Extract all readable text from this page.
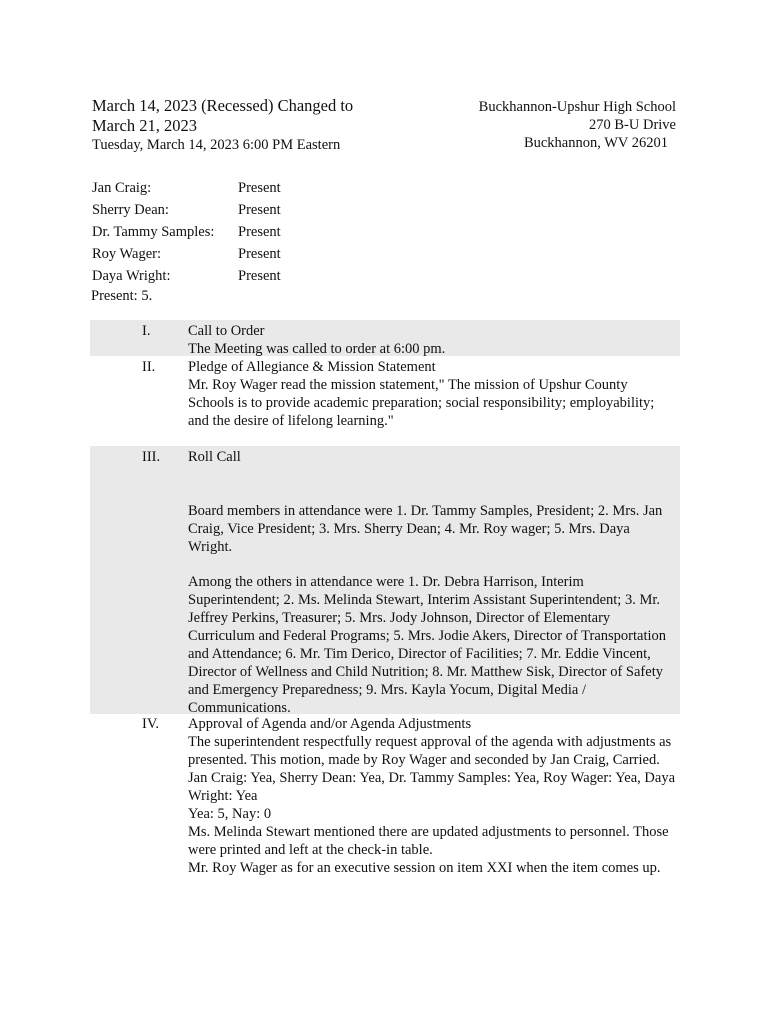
March 14, 2023 (Recessed) Changed to
March 21, 2023
Tuesday, March 14, 2023 6:00 PM Eastern
Buckhannon-Upshur High School
270 B-U Drive
Buckhannon, WV 26201
Jan Craig:	Present
Sherry Dean:	Present
Dr. Tammy Samples:	Present
Roy Wager:	Present
Daya Wright:	Present
Present: 5.
I.	Call to Order
The Meeting was called to order at 6:00 pm.
II. Pledge of Allegiance & Mission Statement
Mr. Roy Wager read the mission statement," The mission of Upshur County Schools is to provide academic preparation; social responsibility; employability; and the desire of lifelong learning."
III. Roll Call

Board members in attendance were 1. Dr. Tammy Samples, President; 2. Mrs. Jan Craig, Vice President; 3. Mrs. Sherry Dean; 4. Mr. Roy wager; 5. Mrs. Daya Wright.

Among the others in attendance were 1. Dr. Debra Harrison, Interim Superintendent; 2. Ms. Melinda Stewart, Interim Assistant Superintendent; 3. Mr. Jeffrey Perkins, Treasurer; 5. Mrs. Jody Johnson, Director of Elementary Curriculum and Federal Programs; 5. Mrs. Jodie Akers, Director of Transportation and Attendance; 6. Mr. Tim Derico, Director of Facilities; 7. Mr. Eddie Vincent, Director of Wellness and Child Nutrition; 8. Mr. Matthew Sisk, Director of Safety and Emergency Preparedness; 9. Mrs. Kayla Yocum, Digital Media / Communications.

IV. Approval of Agenda and/or Agenda Adjustments
The superintendent respectfully request approval of the agenda with adjustments as presented. This motion, made by Roy Wager and seconded by Jan Craig, Carried.
Jan Craig: Yea, Sherry Dean: Yea, Dr. Tammy Samples: Yea, Roy Wager: Yea, Daya Wright: Yea
Yea: 5, Nay: 0
Ms. Melinda Stewart mentioned there are updated adjustments to personnel. Those were printed and left at the check-in table.
Mr. Roy Wager as for an executive session on item XXI when the item comes up.
